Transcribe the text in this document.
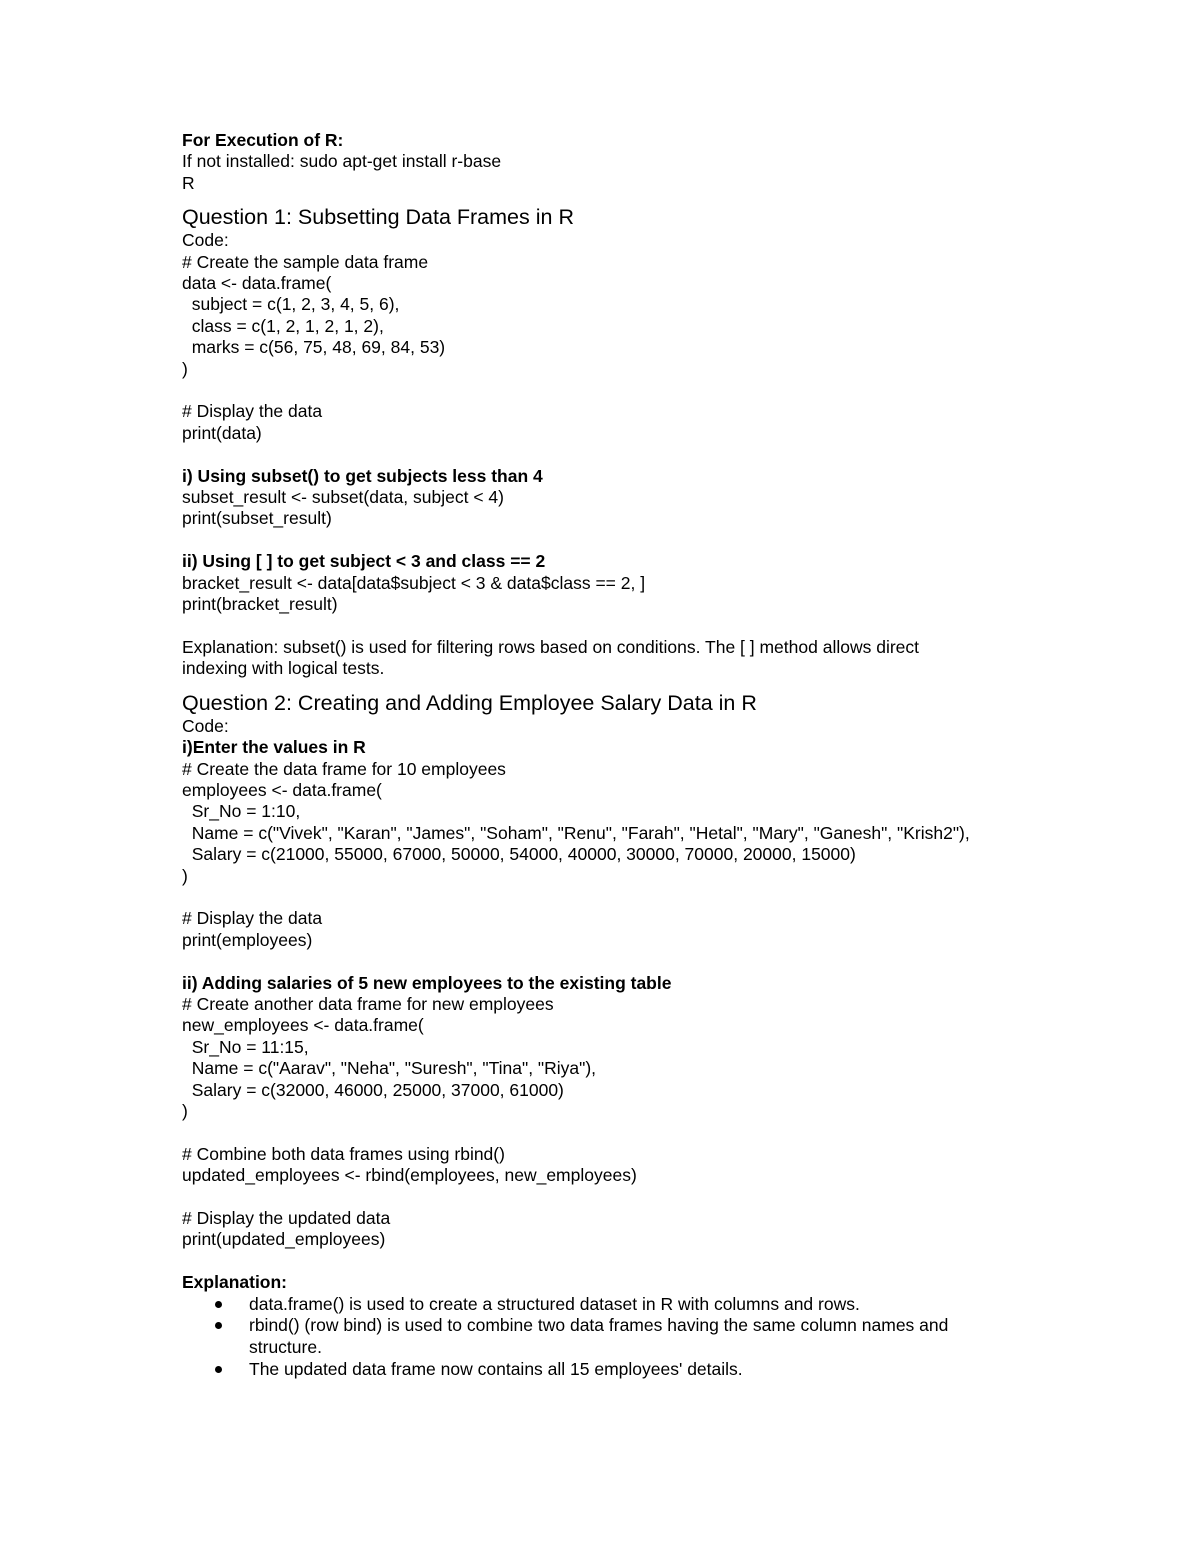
For Execution of R:

If not installed: sudo apt-get install r-base

R

Question 1: Subsetting Data Frames in R

Code:

# Create the sample data frame

data <- data.frame(

subject = c(1, 2, 3, 4, 5, 6),

class = c(1, 2, 1, 2, 1, 2),

marks = c(56, 75, 48, 69, 84, 53)

)

# Display the data

print(data)

i) Using subset() to get subjects less than 4

subset_result <- subset(data, subject < 4)

print(subset_result)

ii) Using [ ] to get subject < 3 and class == 2

bracket_result <- data[data$subject < 3 & data$class == 2, ]

print(bracket_result)

Explanation: subset() is used for filtering rows based on conditions. The [ ] method allows direct indexing with logical tests.

Question 2: Creating and Adding Employee Salary Data in R

Code:

i)Enter the values in R

# Create the data frame for 10 employees

employees <- data.frame(

Sr_No = 1:10,

Name = c("Vivek", "Karan", "James", "Soham", "Renu", "Farah", "Hetal", "Mary", "Ganesh", "Krish2"),

Salary = c(21000, 55000, 67000, 50000, 54000, 40000, 30000, 70000, 20000, 15000)

)

# Display the data

print(employees)

ii) Adding salaries of 5 new employees to the existing table

# Create another data frame for new employees

new_employees <- data.frame(

Sr_No = 11:15,

Name = c("Aarav", "Neha", "Suresh", "Tina", "Riya"),

Salary = c(32000, 46000, 25000, 37000, 61000)

)

# Combine both data frames using rbind()

updated_employees <- rbind(employees, new_employees)

# Display the updated data

print(updated_employees)

Explanation:

data.frame() is used to create a structured dataset in R with columns and rows.
rbind() (row bind) is used to combine two data frames having the same column names and structure.
The updated data frame now contains all 15 employees' details.
